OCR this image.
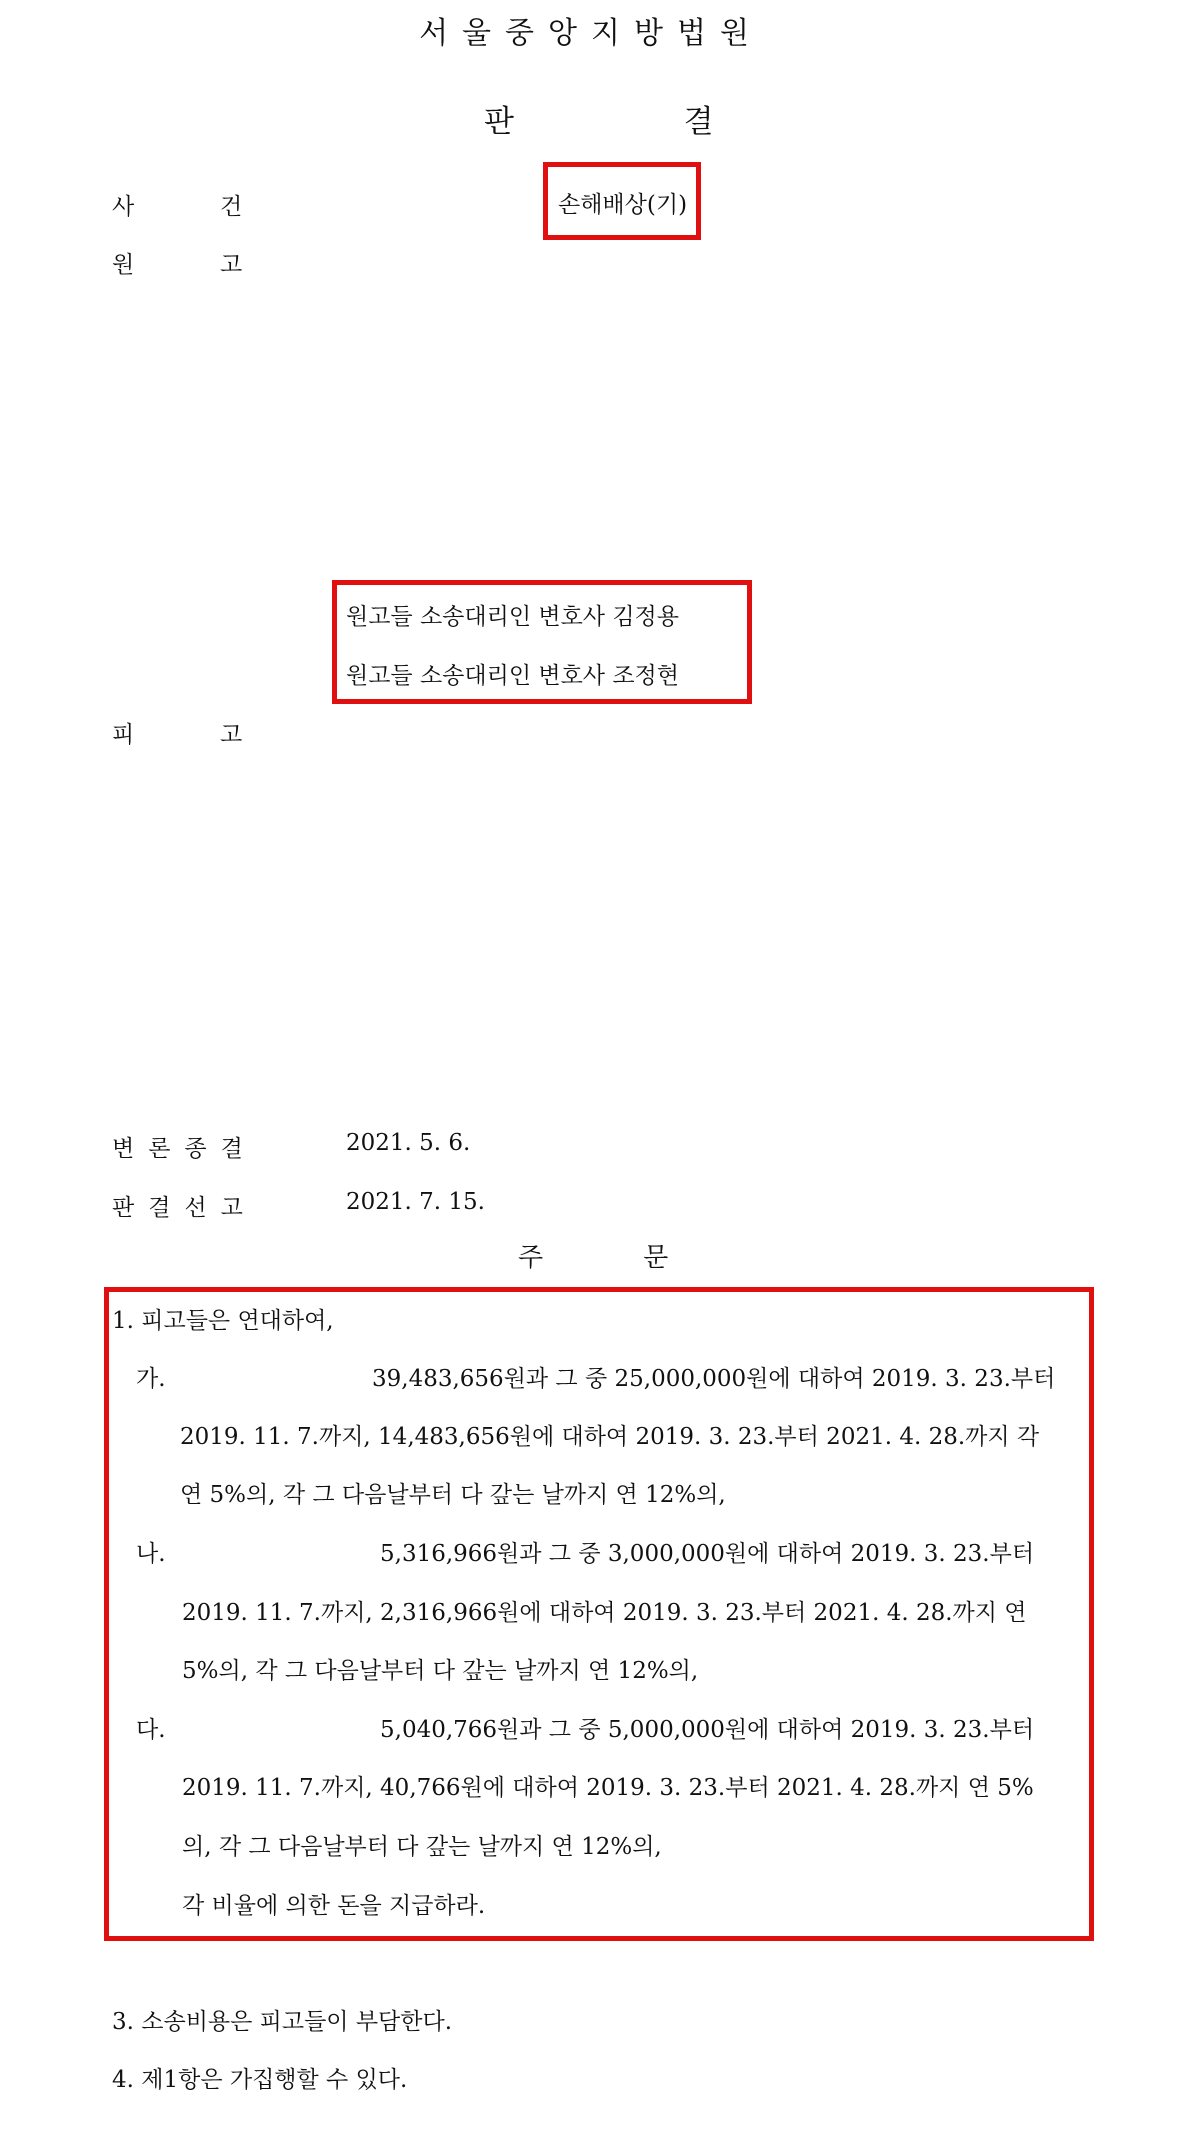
서울중앙지방법원
판	결
사	건	손해배상(기)
원	고
원고들 소송대리인 변호사 김정용
원고들 소송대리인 변호사 조정현
피	고
변론종결	2021. 5. 6.
판결선고	2021. 7. 15.
주	문
1. 피고들은 연대하여,
가.	39,483,656원과 그 중 25,000,000원에 대하여 2019. 3. 23.부터
2019. 11. 7.까지, 14,483,656원에 대하여 2019. 3. 23.부터 2021. 4. 28.까지 각
연 5%의, 각 그 다음날부터 다 갚는 날까지 연 12%의,
나.	5,316,966원과 그 중 3,000,000원에 대하여 2019. 3. 23.부터
2019. 11. 7.까지, 2,316,966원에 대하여 2019. 3. 23.부터 2021. 4. 28.까지 연
5%의, 각 그 다음날부터 다 갚는 날까지 연 12%의,
다.	5,040,766원과 그 중 5,000,000원에 대하여 2019. 3. 23.부터
2019. 11. 7.까지, 40,766원에 대하여 2019. 3. 23.부터 2021. 4. 28.까지 연 5%
의, 각 그 다음날부터 다 갚는 날까지 연 12%의,
각 비율에 의한 돈을 지급하라.
3. 소송비용은 피고들이 부담한다.
4. 제1항은 가집행할 수 있다.
